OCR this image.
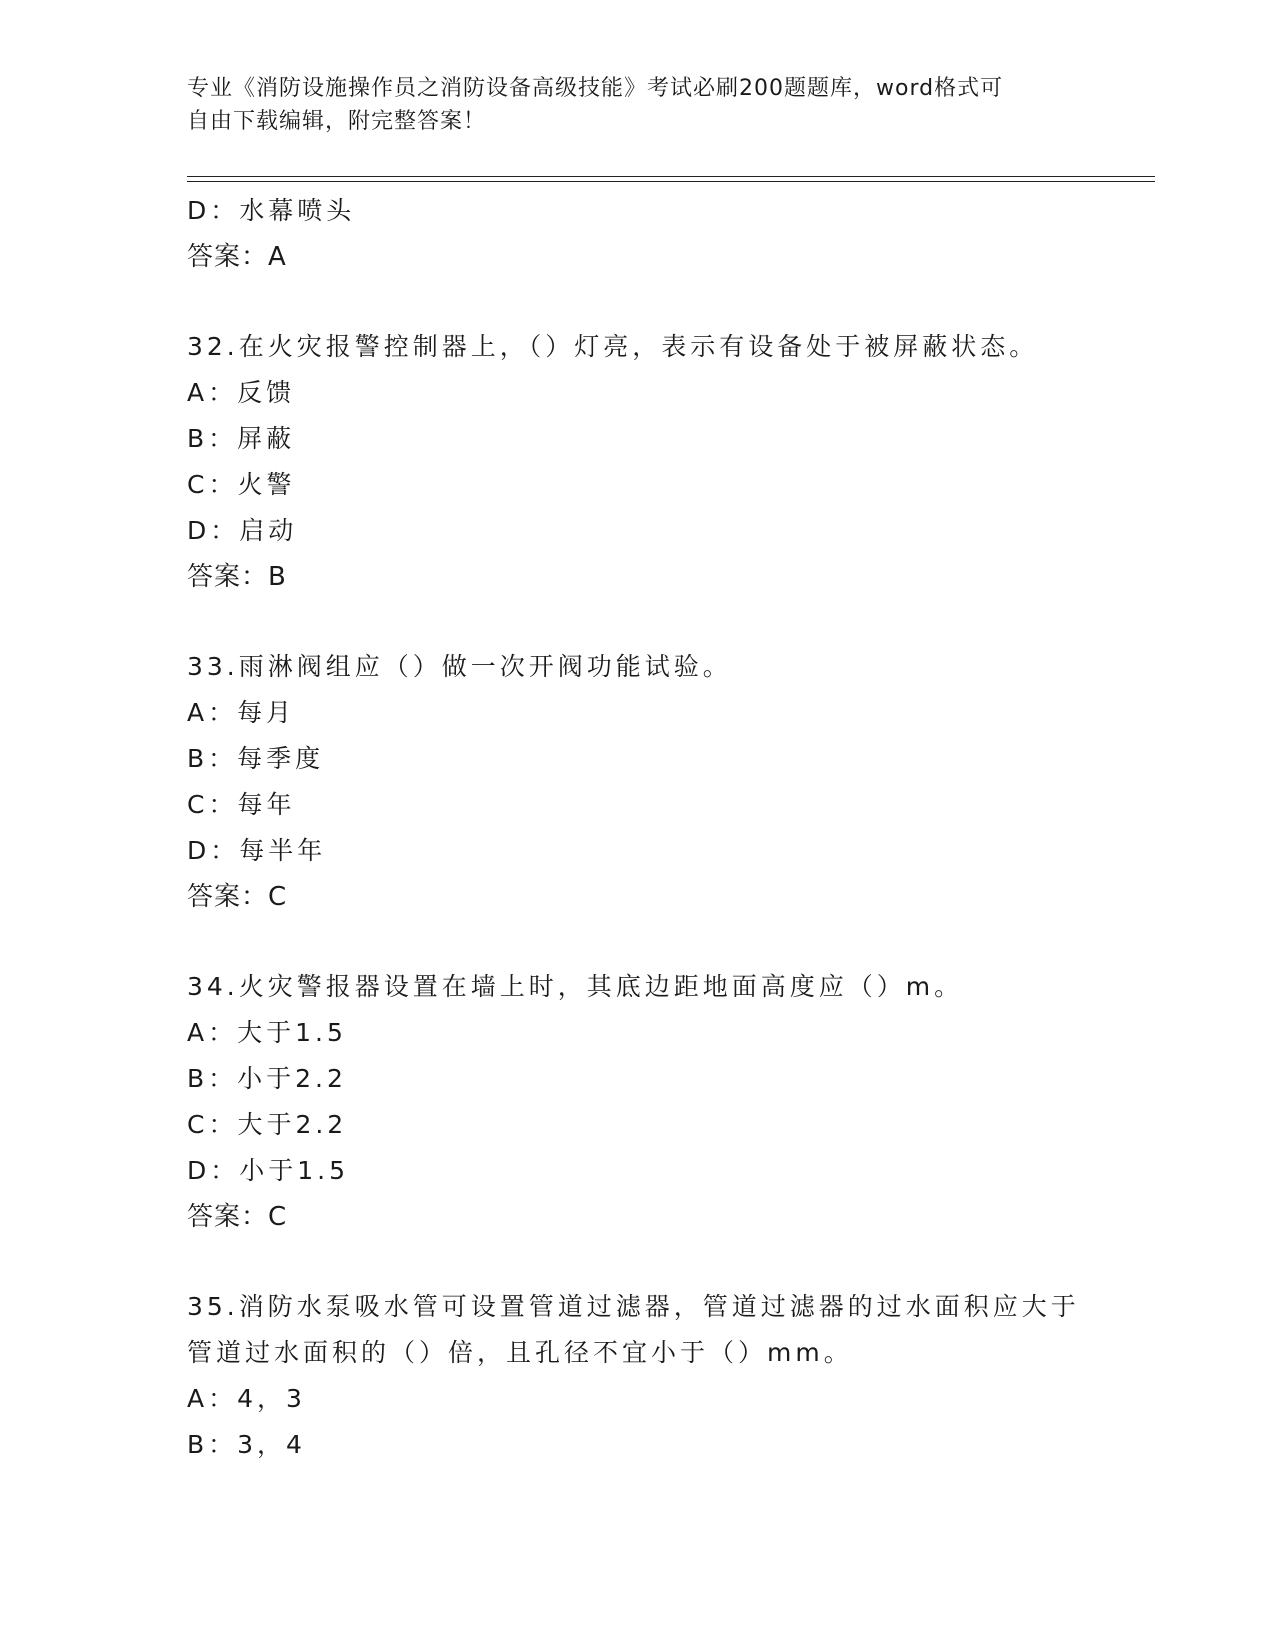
专业《消防设施操作员之消防设备高级技能》考试必刷200题题库，word格式可
自由下载编辑，附完整答案！
D：水幕喷头
答案：A
32.在火灾报警控制器上，（）灯亮，表示有设备处于被屏蔽状态。
A：反馈
B：屏蔽
C：火警
D：启动
答案：B
33.雨淋阀组应（）做一次开阀功能试验。
A：每月
B：每季度
C：每年
D：每半年
答案：C
34.火灾警报器设置在墙上时，其底边距地面高度应（）m。
A：大于1.5
B：小于2.2
C：大于2.2
D：小于1.5
答案：C
35.消防水泵吸水管可设置管道过滤器，管道过滤器的过水面积应大于
管道过水面积的（）倍，且孔径不宜小于（）mm。
A：4，3
B：3，4
